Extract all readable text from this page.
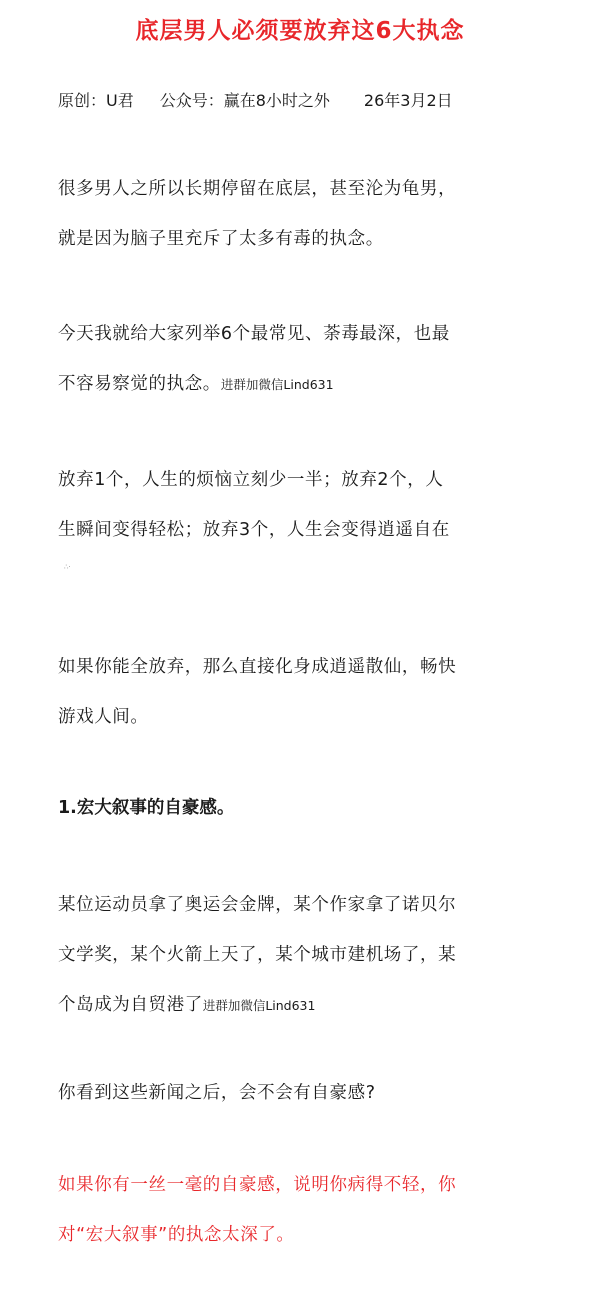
底层男人必须要放弃这6大执念
原创：U君 公众号：赢在8小时之外 26年3月2日
很多男人之所以长期停留在底层，甚至沦为龟男，
就是因为脑子里充斥了太多有毒的执念。
今天我就给大家列举6个最常见、荼毒最深，也最
不容易察觉的执念。进群加微信Lind631
放弃1个，人生的烦恼立刻少一半；放弃2个，人
生瞬间变得轻松；放弃3个，人生会变得逍遥自在
∴·
如果你能全放弃，那么直接化身成逍遥散仙，畅快
游戏人间。
1.宏大叙事的自豪感。
某位运动员拿了奥运会金牌，某个作家拿了诺贝尔
文学奖，某个火箭上天了，某个城市建机场了，某
个岛成为自贸港了进群加微信Lind631
你看到这些新闻之后，会不会有自豪感?
如果你有一丝一毫的自豪感，说明你病得不轻，你
对“宏大叙事”的执念太深了。
